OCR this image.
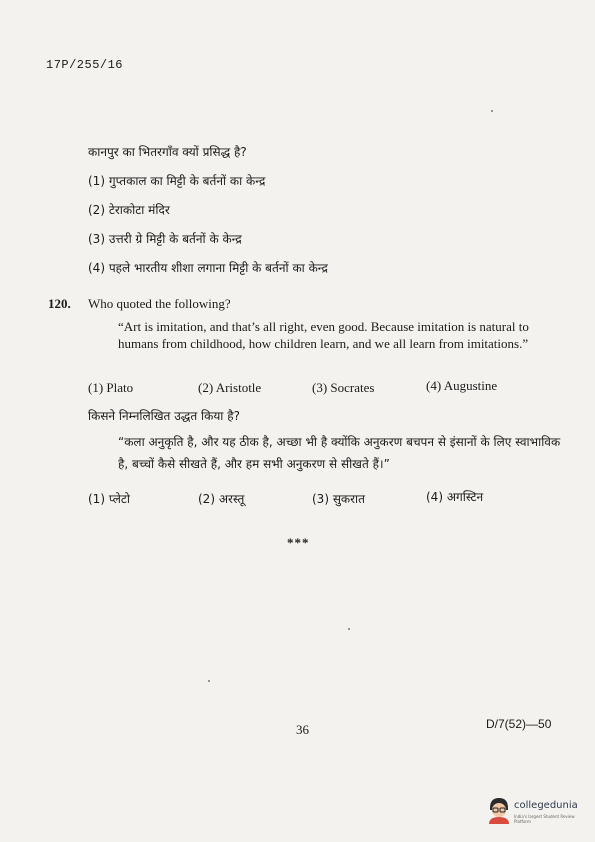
17P/255/16
कानपुर का भितरगाँव क्यों प्रसिद्ध है?
(1) गुप्तकाल का मिट्टी के बर्तनों का केन्द्र
(2) टेराकोटा मंदिर
(3) उत्तरी ग्रे मिट्टी के बर्तनों के केन्द्र
(4) पहले भारतीय शीशा लगाना मिट्टी के बर्तनों का केन्द्र
120. Who quoted the following?
“Art is imitation, and that’s all right, even good. Because imitation is natural to humans from childhood, how children learn, and we all learn from imitations.”
(1) Plato	(2) Aristotle	(3) Socrates	(4) Augustine
किसने निम्नलिखित उद्धत किया है?
“कला अनुकृति है, और यह ठीक है, अच्छा भी है क्योंकि अनुकरण बचपन से इंसानों के लिए स्वाभाविक है, बच्चों कैसे सीखते हैं, और हम सभी अनुकरण से सीखते हैं।”
(1) प्लेटो	(2) अरस्तू	(3) सुकरात	(4) अगस्टिन
***
36	D/7(52)—50
collegedunia
India's largest Student Review Platform
